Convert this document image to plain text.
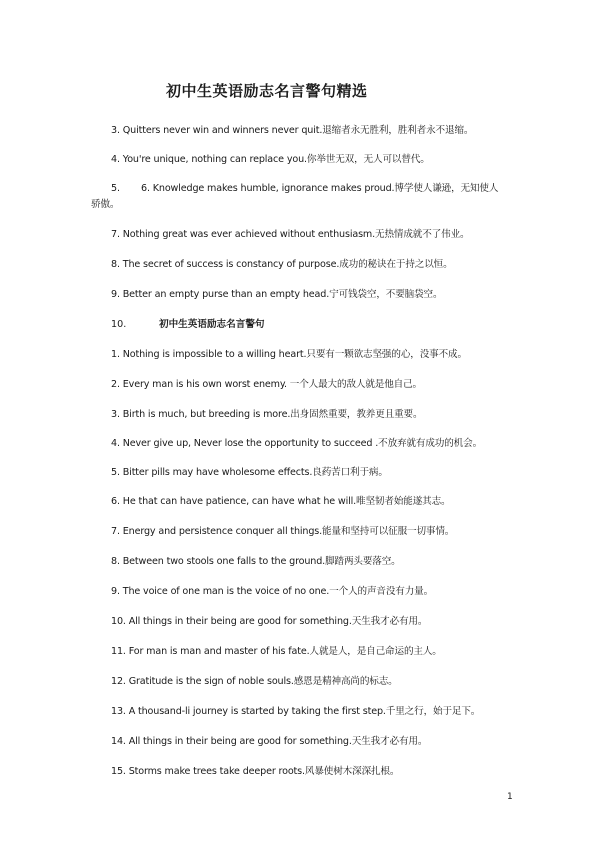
初中生英语励志名言警句精选
3. Quitters never win and winners never quit.退缩者永无胜利，胜利者永不退缩。
4. You're unique, nothing can replace you.你举世无双，无人可以替代。
5. 6. Knowledge makes humble, ignorance makes proud.博学使人谦逊，无知使人骄傲。
7. Nothing great was ever achieved without enthusiasm.无热情成就不了伟业。
8. The secret of success is constancy of purpose.成功的秘诀在于持之以恒。
9. Better an empty purse than an empty head.宁可钱袋空，不要脑袋空。
10.	初中生英语励志名言警句
1. Nothing is impossible to a willing heart.只要有一颗欲志坚强的心，没事不成。
2. Every man is his own worst enemy. 一个人最大的敌人就是他自己。
3. Birth is much, but breeding is more.出身固然重要，教养更且重要。
4. Never give up, Never lose the opportunity to succeed .不放弃就有成功的机会。
5. Bitter pills may have wholesome effects.良药苦口利于病。
6. He that can have patience, can have what he will.唯坚韧者始能遂其志。
7. Energy and persistence conquer all things.能量和坚持可以征服一切事情。
8. Between two stools one falls to the ground.脚踏两头要落空。
9. The voice of one man is the voice of no one.一个人的声音没有力量。
10. All things in their being are good for something.天生我才必有用。
11. For man is man and master of his fate.人就是人，是自己命运的主人。
12. Gratitude is the sign of noble souls.感恩是精神高尚的标志。
13. A thousand-li journey is started by taking the first step.千里之行，始于足下。
14. All things in their being are good for something.天生我才必有用。
15. Storms make trees take deeper roots.风暴使树木深深扎根。
1
